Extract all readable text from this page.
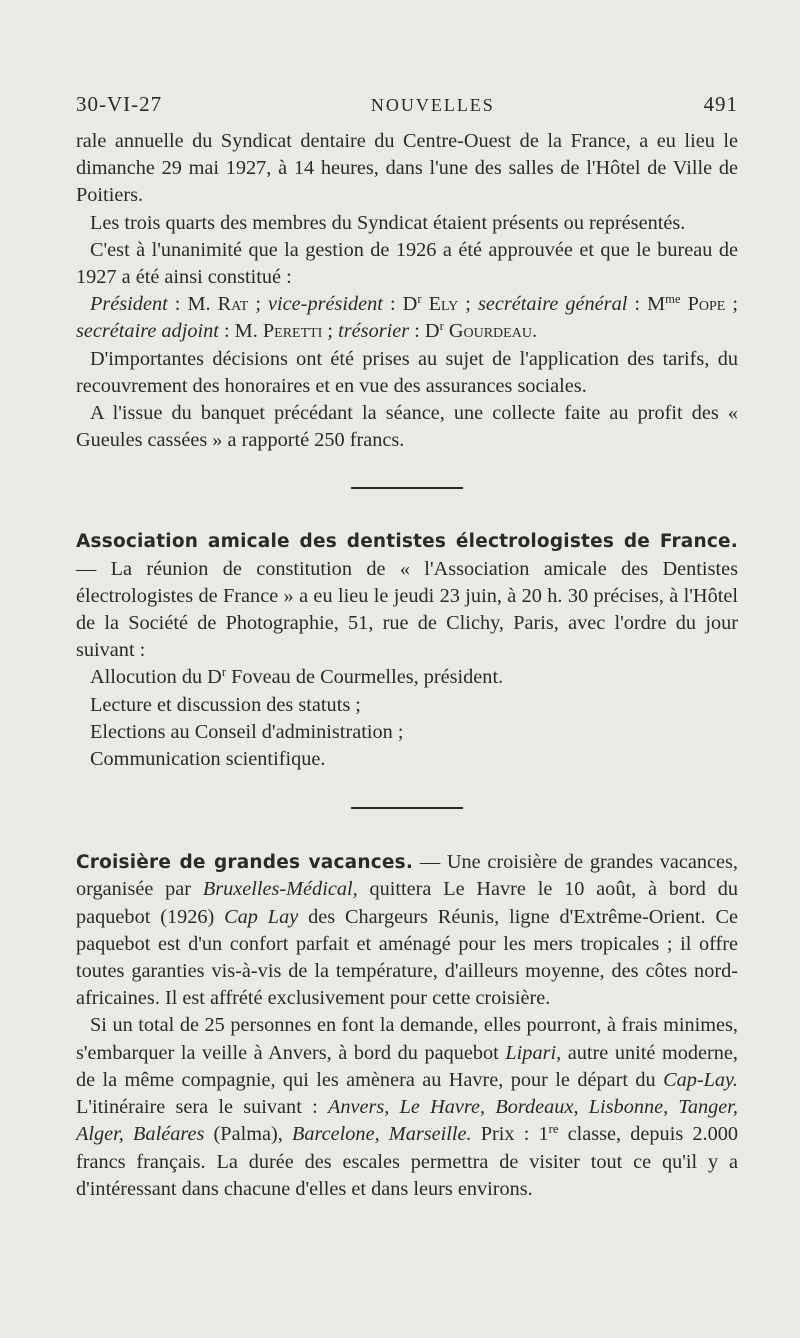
30-VI-27	NOUVELLES	491

rale annuelle du Syndicat dentaire du Centre-Ouest de la France, a eu lieu le dimanche 29 mai 1927, à 14 heures, dans l'une des salles de l'Hôtel de Ville de Poitiers.

Les trois quarts des membres du Syndicat étaient présents ou représentés.

C'est à l'unanimité que la gestion de 1926 a été approuvée et que le bureau de 1927 a été ainsi constitué :

Président : M. Rat ; vice-président : $D^r$ Ely ; secrétaire général : $M^{me}$ Pope ; secrétaire adjoint : M. Peretti ; trésorier : $D^r$ Gourdeau.

D'importantes décisions ont été prises au sujet de l'application des tarifs, du recouvrement des honoraires et en vue des assurances sociales.

A l'issue du banquet précédant la séance, une collecte faite au profit des « Gueules cassées » a rapporté 250 francs.

Association amicale des dentistes électrologistes de France. — La réunion de constitution de « l'Association amicale des Dentistes électrologistes de France » a eu lieu le jeudi 23 juin, à 20 h. 30 précises, à l'Hôtel de la Société de Photographie, 51, rue de Clichy, Paris, avec l'ordre du jour suivant :

Allocution du $D^r$ Foveau de Courmelles, président.
Lecture et discussion des statuts ;
Elections au Conseil d'administration ;
Communication scientifique.

Croisière de grandes vacances. — Une croisière de grandes vacances, organisée par Bruxelles-Médical, quittera Le Havre le 10 août, à bord du paquebot (1926) Cap Lay des Chargeurs Réunis, ligne d'Extrême-Orient. Ce paquebot est d'un confort parfait et aménagé pour les mers tropicales ; il offre toutes garanties vis-à-vis de la température, d'ailleurs moyenne, des côtes nord-africaines. Il est affrété exclusivement pour cette croisière.

Si un total de 25 personnes en font la demande, elles pourront, à frais minimes, s'embarquer la veille à Anvers, à bord du paquebot Lipari, autre unité moderne, de la même compagnie, qui les amènera au Havre, pour le départ du Cap-Lay. L'itinéraire sera le suivant : Anvers, Le Havre, Bordeaux, Lisbonne, Tanger, Alger, Baléares (Palma), Barcelone, Marseille. Prix : 1re classe, depuis 2.000 francs français. La durée des escales permettra de visiter tout ce qu'il y a d'intéressant dans chacune d'elles et dans leurs environs.
